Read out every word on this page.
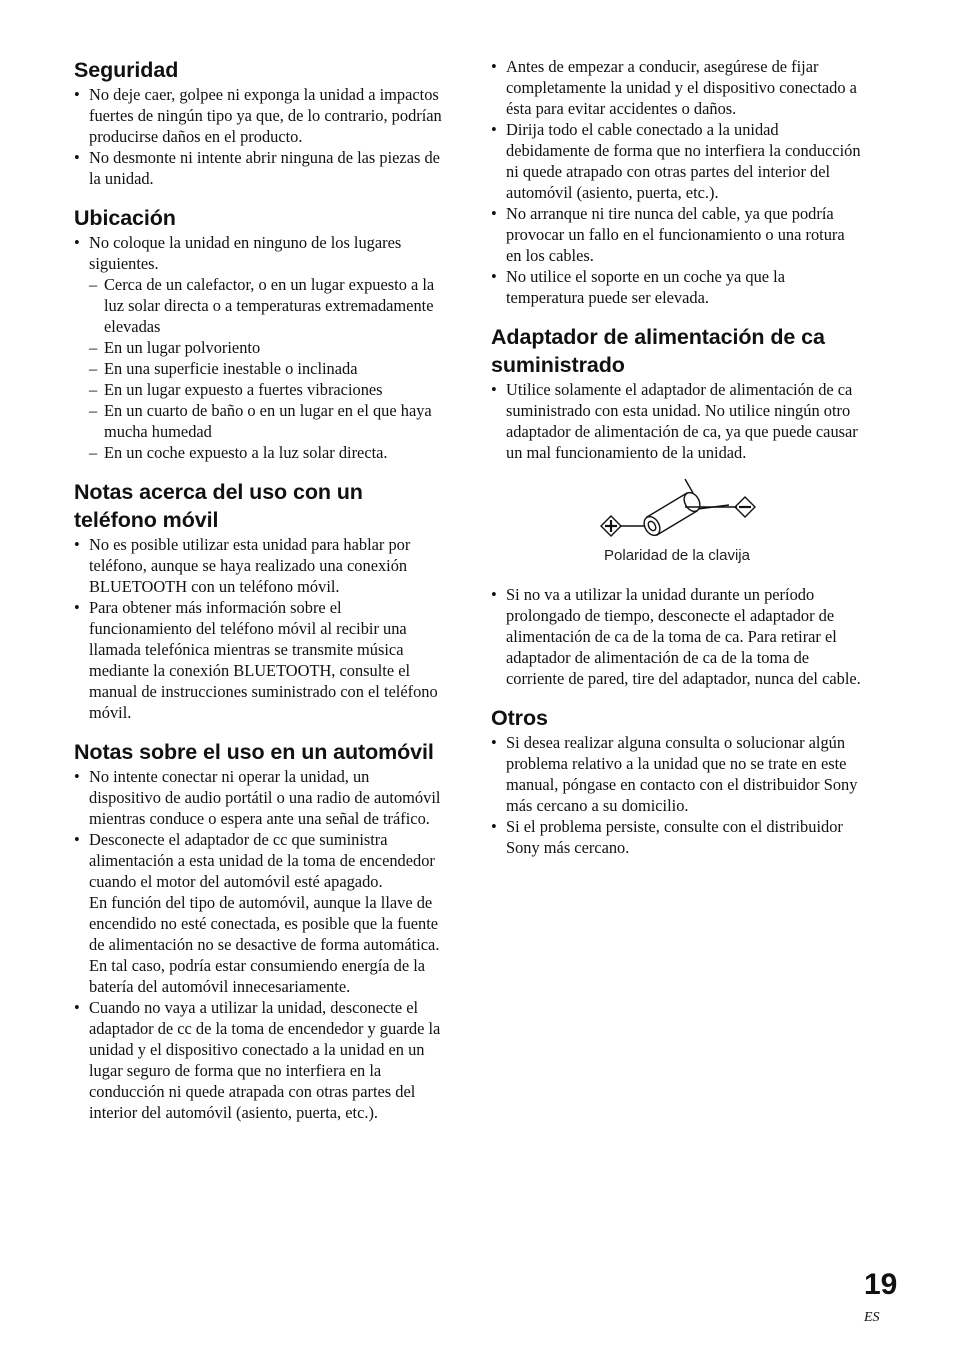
Seguridad
• No deje caer, golpee ni exponga la unidad a impactos fuertes de ningún tipo ya que, de lo contrario, podrían producirse daños en el producto.
• No desmonte ni intente abrir ninguna de las piezas de la unidad.
Ubicación
• No coloque la unidad en ninguno de los lugares siguientes.
– Cerca de un calefactor, o en un lugar expuesto a la luz solar directa o a temperaturas extremadamente elevadas
– En un lugar polvoriento
– En una superficie inestable o inclinada
– En un lugar expuesto a fuertes vibraciones
– En un cuarto de baño o en un lugar en el que haya mucha humedad
– En un coche expuesto a la luz solar directa.
Notas acerca del uso con un teléfono móvil
• No es posible utilizar esta unidad para hablar por teléfono, aunque se haya realizado una conexión BLUETOOTH con un teléfono móvil.
• Para obtener más información sobre el funcionamiento del teléfono móvil al recibir una llamada telefónica mientras se transmite música mediante la conexión BLUETOOTH, consulte el manual de instrucciones suministrado con el teléfono móvil.
Notas sobre el uso en un automóvil
• No intente conectar ni operar la unidad, un dispositivo de audio portátil o una radio de automóvil mientras conduce o espera ante una señal de tráfico.
• Desconecte el adaptador de cc que suministra alimentación a esta unidad de la toma de encendedor cuando el motor del automóvil esté apagado.
En función del tipo de automóvil, aunque la llave de encendido no esté conectada, es posible que la fuente de alimentación no se desactive de forma automática. En tal caso, podría estar consumiendo energía de la batería del automóvil innecesariamente.
• Cuando no vaya a utilizar la unidad, desconecte el adaptador de cc de la toma de encendedor y guarde la unidad y el dispositivo conectado a la unidad en un lugar seguro de forma que no interfiera en la conducción ni quede atrapada con otras partes del interior del automóvil (asiento, puerta, etc.).
• Antes de empezar a conducir, asegúrese de fijar completamente la unidad y el dispositivo conectado a ésta para evitar accidentes o daños.
• Dirija todo el cable conectado a la unidad debidamente de forma que no interfiera la conducción ni quede atrapado con otras partes del interior del automóvil (asiento, puerta, etc.).
• No arranque ni tire nunca del cable, ya que podría provocar un fallo en el funcionamiento o una rotura en los cables.
• No utilice el soporte en un coche ya que la temperatura puede ser elevada.
Adaptador de alimentación de ca suministrado
• Utilice solamente el adaptador de alimentación de ca suministrado con esta unidad. No utilice ningún otro adaptador de alimentación de ca, ya que puede causar un mal funcionamiento de la unidad.
Polaridad de la clavija
• Si no va a utilizar la unidad durante un período prolongado de tiempo, desconecte el adaptador de alimentación de ca de la toma de ca. Para retirar el adaptador de alimentación de ca de la toma de corriente de pared, tire del adaptador, nunca del cable.
Otros
• Si desea realizar alguna consulta o solucionar algún problema relativo a la unidad que no se trate en este manual, póngase en contacto con el distribuidor Sony más cercano a su domicilio.
• Si el problema persiste, consulte con el distribuidor Sony más cercano.
19
ES
